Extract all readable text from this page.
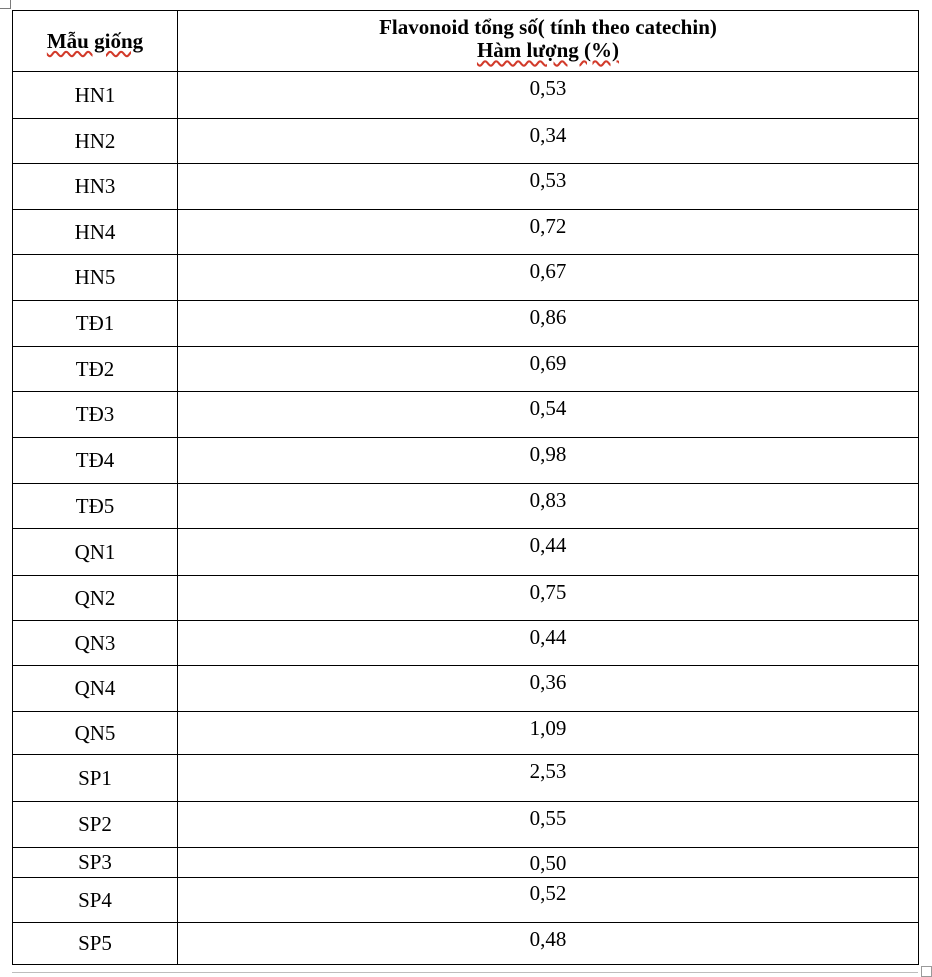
Mẫu giống	Flavonoid tổng số( tính theo catechin)
Hàm lượng (%)

HN1	0,53

HN2	0,34

HN3	0,53

HN4	0,72

HN5	0,67

TĐ1	0,86

TĐ2	0,69

TĐ3	0,54

TĐ4	0,98

TĐ5	0,83

QN1	0,44

QN2	0,75

QN3	0,44

QN4	0,36

QN5	1,09

SP1	2,53

SP2	0,55

SP3	0,50

SP4	0,52

SP5	0,48
